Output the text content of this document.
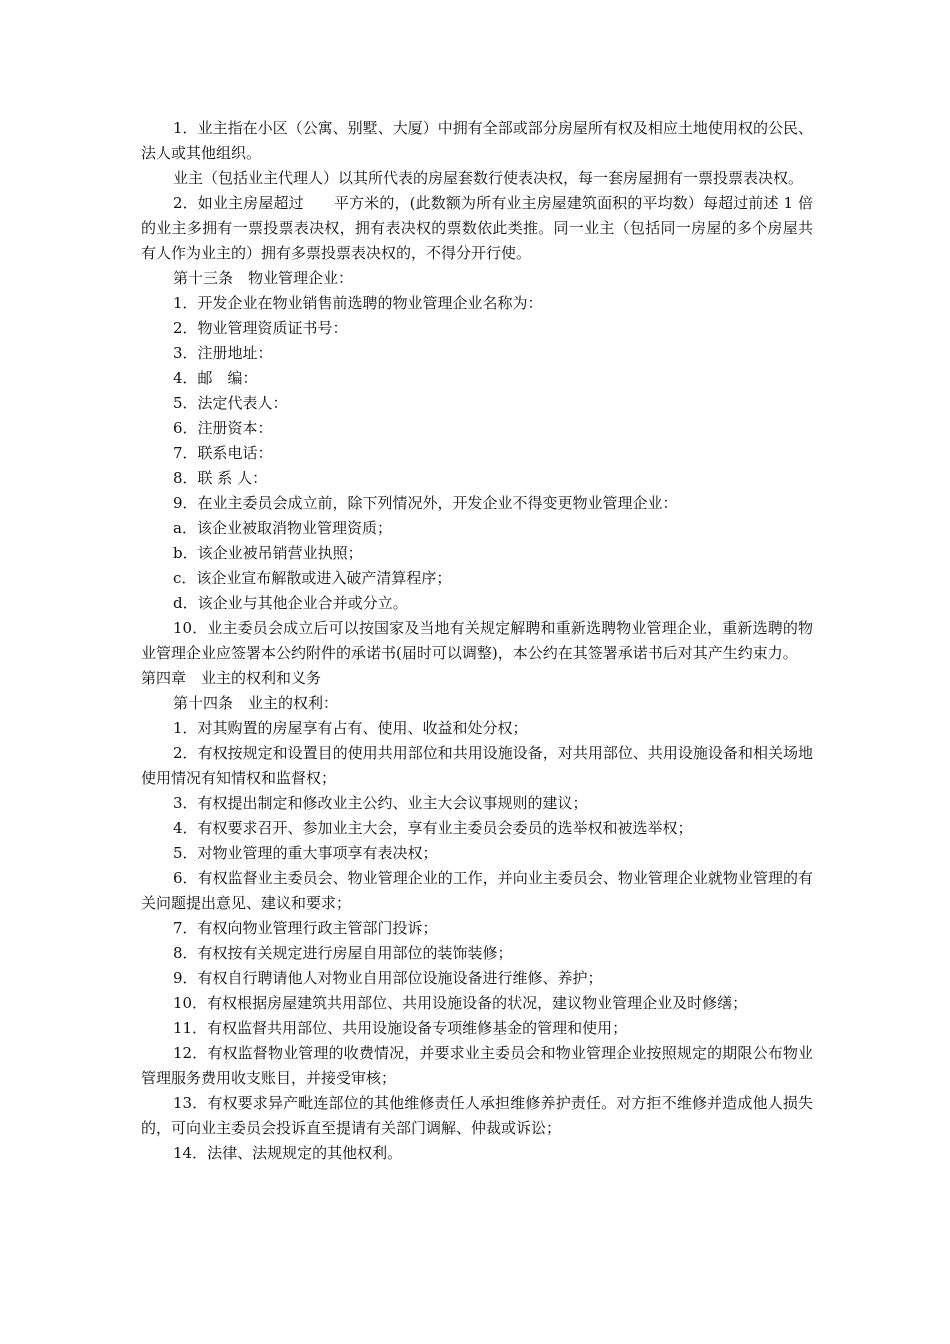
1．业主指在小区（公寓、别墅、大厦）中拥有全部或部分房屋所有权及相应土地使用权的公民、法人或其他组织。

业主（包括业主代理人）以其所代表的房屋套数行使表决权，每一套房屋拥有一票投票表决权。

2．如业主房屋超过　　平方米的，(此数额为所有业主房屋建筑面积的平均数）每超过前述 1 倍的业主多拥有一票投票表决权，拥有表决权的票数依此类推。同一业主（包括同一房屋的多个房屋共有人作为业主的）拥有多票投票表决权的，不得分开行使。

第十三条　物业管理企业：

1．开发企业在物业销售前选聘的物业管理企业名称为：

2．物业管理资质证书号：

3．注册地址：

4．邮　编：

5．法定代表人：

6．注册资本：

7．联系电话：

8．联 系 人：

9．在业主委员会成立前，除下列情况外，开发企业不得变更物业管理企业：

a．该企业被取消物业管理资质；

b．该企业被吊销营业执照；

c．该企业宣布解散或进入破产清算程序；

d．该企业与其他企业合并或分立。

10．业主委员会成立后可以按国家及当地有关规定解聘和重新选聘物业管理企业，重新选聘的物业管理企业应签署本公约附件的承诺书(届时可以调整)，本公约在其签署承诺书后对其产生约束力。

第四章　业主的权利和义务

第十四条　业主的权利：

1．对其购置的房屋享有占有、使用、收益和处分权；

2．有权按规定和设置目的使用共用部位和共用设施设备，对共用部位、共用设施设备和相关场地使用情况有知情权和监督权；

3．有权提出制定和修改业主公约、业主大会议事规则的建议；

4．有权要求召开、参加业主大会，享有业主委员会委员的选举权和被选举权；

5．对物业管理的重大事项享有表决权；

6．有权监督业主委员会、物业管理企业的工作，并向业主委员会、物业管理企业就物业管理的有关问题提出意见、建议和要求；

7．有权向物业管理行政主管部门投诉；

8．有权按有关规定进行房屋自用部位的装饰装修；

9．有权自行聘请他人对物业自用部位设施设备进行维修、养护；

10．有权根据房屋建筑共用部位、共用设施设备的状况，建议物业管理企业及时修缮；

11．有权监督共用部位、共用设施设备专项维修基金的管理和使用；

12．有权监督物业管理的收费情况，并要求业主委员会和物业管理企业按照规定的期限公布物业管理服务费用收支账目，并接受审核；

13．有权要求异产毗连部位的其他维修责任人承担维修养护责任。对方拒不维修并造成他人损失的，可向业主委员会投诉直至提请有关部门调解、仲裁或诉讼；

14．法律、法规规定的其他权利。
